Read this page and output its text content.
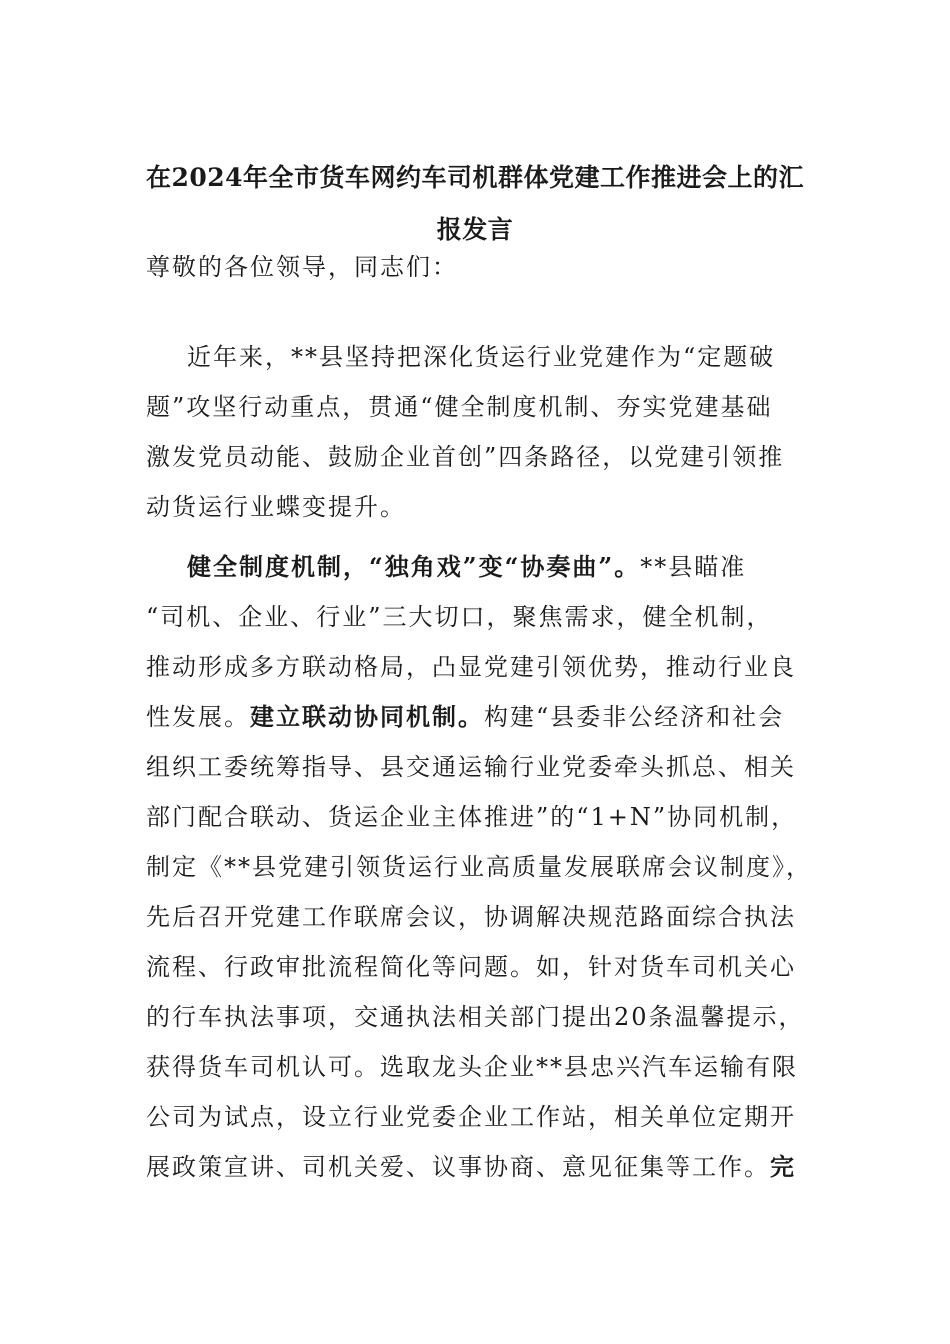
在2024年全市货车网约车司机群体党建工作推进会上的汇
报发言
尊敬的各位领导，同志们：
近年来，**县坚持把深化货运行业党建作为“定题破
题”攻坚行动重点，贯通“健全制度机制、夯实党建基础
激发党员动能、鼓励企业首创”四条路径，以党建引领推
动货运行业蝶变提升。
健全制度机制，“独角戏”变“协奏曲”。**县瞄准
“司机、企业、行业”三大切口，聚焦需求，健全机制，
推动形成多方联动格局，凸显党建引领优势，推动行业良
性发展。建立联动协同机制。构建“县委非公经济和社会
组织工委统筹指导、县交通运输行业党委牵头抓总、相关
部门配合联动、货运企业主体推进”的“1+N”协同机制，
制定《**县党建引领货运行业高质量发展联席会议制度》，
先后召开党建工作联席会议，协调解决规范路面综合执法
流程、行政审批流程简化等问题。如，针对货车司机关心
的行车执法事项，交通执法相关部门提出20条温馨提示，
获得货车司机认可。选取龙头企业**县忠兴汽车运输有限
公司为试点，设立行业党委企业工作站，相关单位定期开
展政策宣讲、司机关爱、议事协商、意见征集等工作。完
